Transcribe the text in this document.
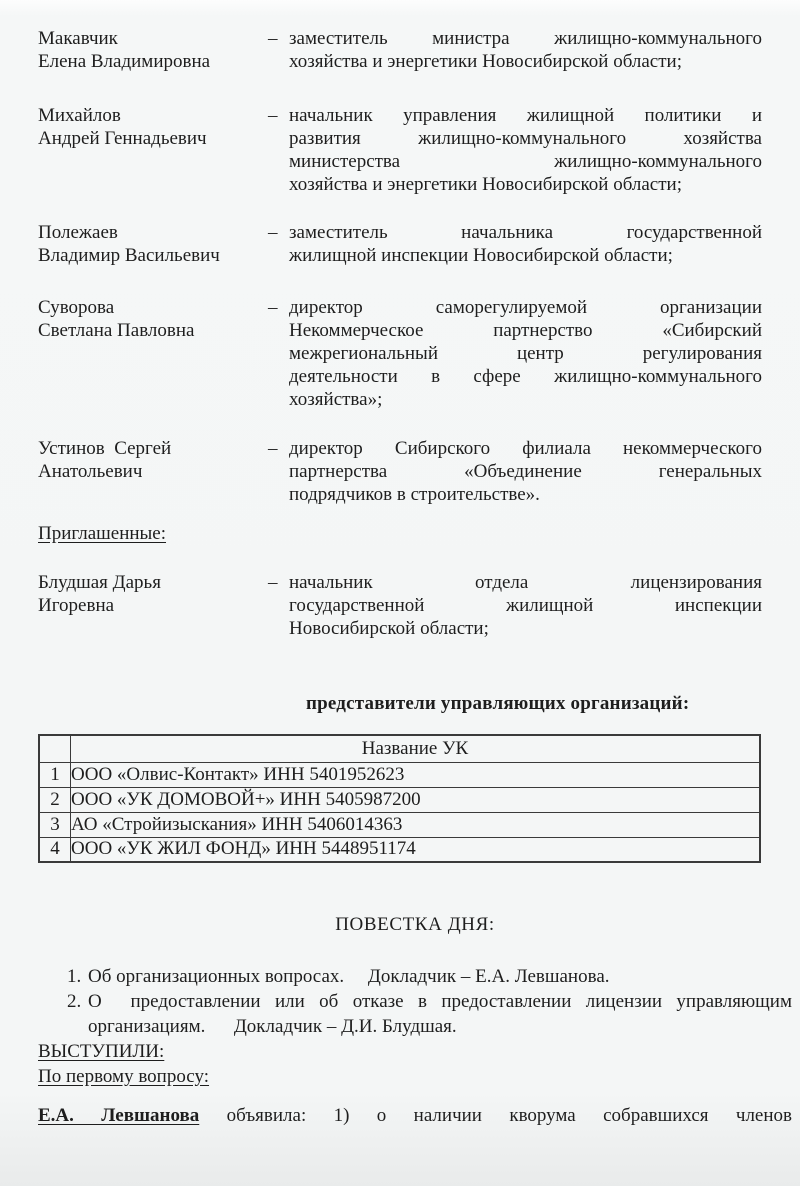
Макавчик
Елена Владимировна
– заместитель министра жилищно-коммунального
хозяйства и энергетики Новосибирской области;
Михайлов
Андрей Геннадьевич
– начальник управления жилищной политики и
развития жилищно-коммунального хозяйства
министерства жилищно-коммунального
хозяйства и энергетики Новосибирской области;
Полежаев
Владимир Васильевич
– заместитель начальника государственной
жилищной инспекции Новосибирской области;
Суворова
Светлана Павловна
– директор саморегулируемой организации
Некоммерческое партнерство «Сибирский
межрегиональный центр регулирования
деятельности в сфере жилищно-коммунального
хозяйства»;
Устинов  Сергей
Анатольевич
– директор Сибирского филиала некоммерческого
партнерства «Объединение генеральных
подрядчиков в строительстве».
Приглашенные:
Блудшая Дарья
Игоревна
– начальник отдела лицензирования
государственной жилищной инспекции
Новосибирской области;
представители управляющих организаций:
	Название УК
1	ООО «Олвис-Контакт» ИНН 5401952623
2	ООО «УК ДОМОВОЙ+» ИНН 5405987200
3	АО «Стройизыскания» ИНН 5406014363
4	ООО «УК ЖИЛ ФОНД» ИНН 5448951174
ПОВЕСТКА ДНЯ:
1. Об организационных вопросах.     Докладчик – Е.А. Левшанова.
2. О  предоставлении или об отказе в предоставлении лицензии управляющим
организациям.      Докладчик – Д.И. Блудшая.
ВЫСТУПИЛИ:
По первому вопросу:
Е.А. Левшанова объявила: 1) о наличии кворума собравшихся членов
